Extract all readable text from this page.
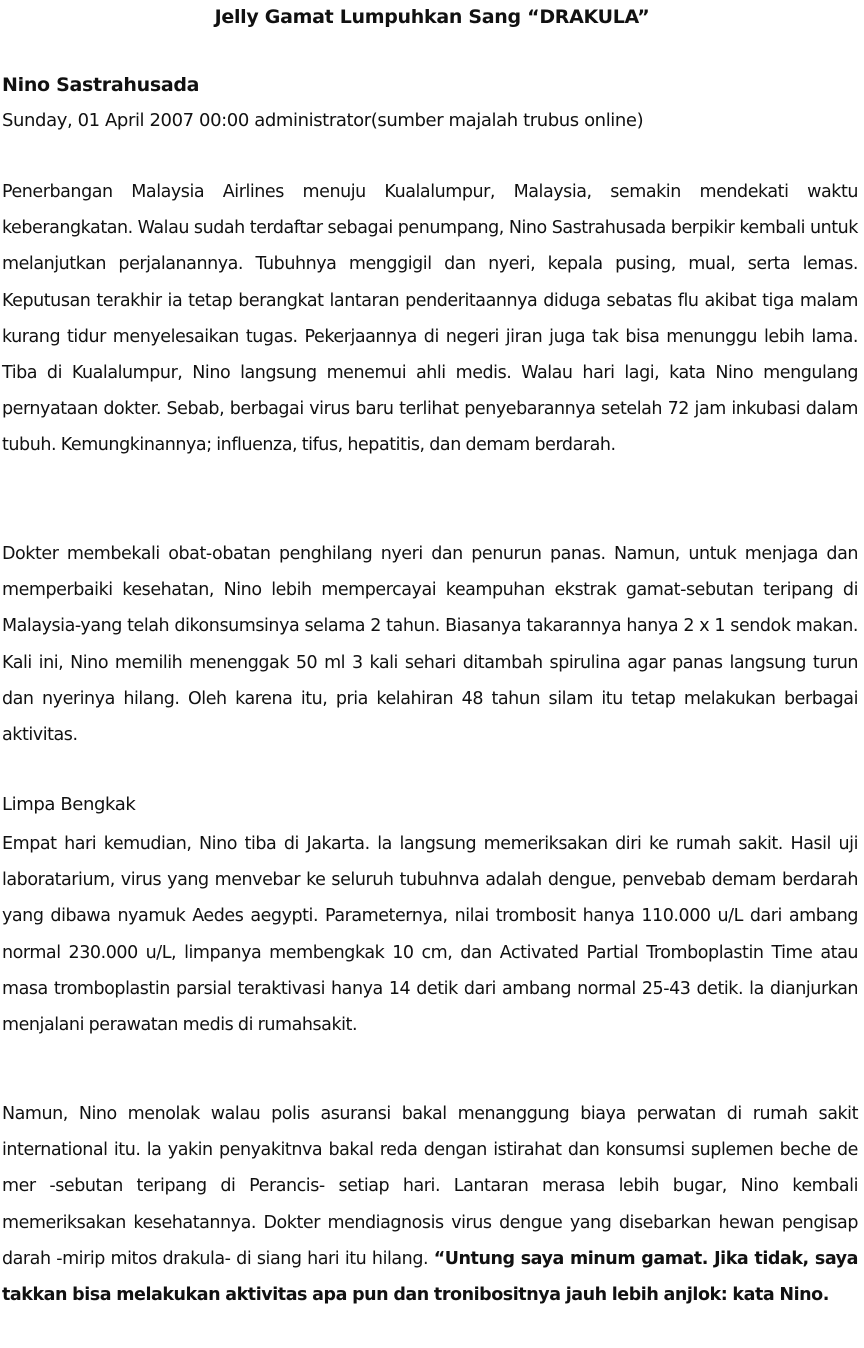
Jelly Gamat Lumpuhkan Sang “DRAKULA”
Nino Sastrahusada
Sunday, 01 April 2007 00:00 administrator(sumber majalah trubus online)

Penerbangan Malaysia Airlines menuju Kualalumpur, Malaysia, semakin mendekati waktu keberangkatan. Walau sudah terdaftar sebagai penumpang, Nino Sastrahusada berpikir kembali untuk melanjutkan perjalanannya. Tubuhnya menggigil dan nyeri, kepala pusing, mual, serta lemas. Keputusan terakhir ia tetap berangkat lantaran penderitaannya diduga sebatas flu akibat tiga malam kurang tidur menyelesaikan tugas. Pekerjaannya di negeri jiran juga tak bisa menunggu lebih lama. Tiba di Kualalumpur, Nino langsung menemui ahli medis. Walau hari lagi, kata Nino mengulang pernyataan dokter. Sebab, berbagai virus baru terlihat penyebarannya setelah 72 jam inkubasi dalam tubuh. Kemungkinannya; influenza, tifus, hepatitis, dan demam berdarah.

Dokter membekali obat-obatan penghilang nyeri dan penurun panas. Namun, untuk menjaga dan memperbaiki kesehatan, Nino lebih mempercayai keampuhan ekstrak gamat-sebutan teripang di Malaysia-yang telah dikonsumsinya selama 2 tahun. Biasanya takarannya hanya 2 x 1 sendok makan. Kali ini, Nino memilih menenggak 50 ml 3 kali sehari ditambah spirulina agar panas langsung turun dan nyerinya hilang. Oleh karena itu, pria kelahiran 48 tahun silam itu tetap melakukan berbagai aktivitas.

Limpa Bengkak

Empat hari kemudian, Nino tiba di Jakarta. la langsung memeriksakan diri ke rumah sakit. Hasil uji laboratarium, virus yang menvebar ke seluruh tubuhnva adalah dengue, penvebab demam berdarah yang dibawa nyamuk Aedes aegypti. Parameternya, nilai trombosit hanya 110.000 u/L dari ambang normal 230.000 u/L, limpanya membengkak 10 cm, dan Activated Partial Tromboplastin Time atau masa tromboplastin parsial teraktivasi hanya 14 detik dari ambang normal 25-43 detik. la dianjurkan menjalani perawatan medis di rumahsakit.

Namun, Nino menolak walau polis asuransi bakal menanggung biaya perwatan di rumah sakit international itu. la yakin penyakitnva bakal reda dengan istirahat dan konsumsi suplemen beche de mer -sebutan teripang di Perancis- setiap hari. Lantaran merasa lebih bugar, Nino kembali memeriksakan kesehatannya. Dokter mendiagnosis virus dengue yang disebarkan hewan pengisap darah -mirip mitos drakula- di siang hari itu hilang. “Untung saya minum gamat. Jika tidak, saya takkan bisa melakukan aktivitas apa pun dan tronibositnya jauh lebih anjlok: kata Nino.
